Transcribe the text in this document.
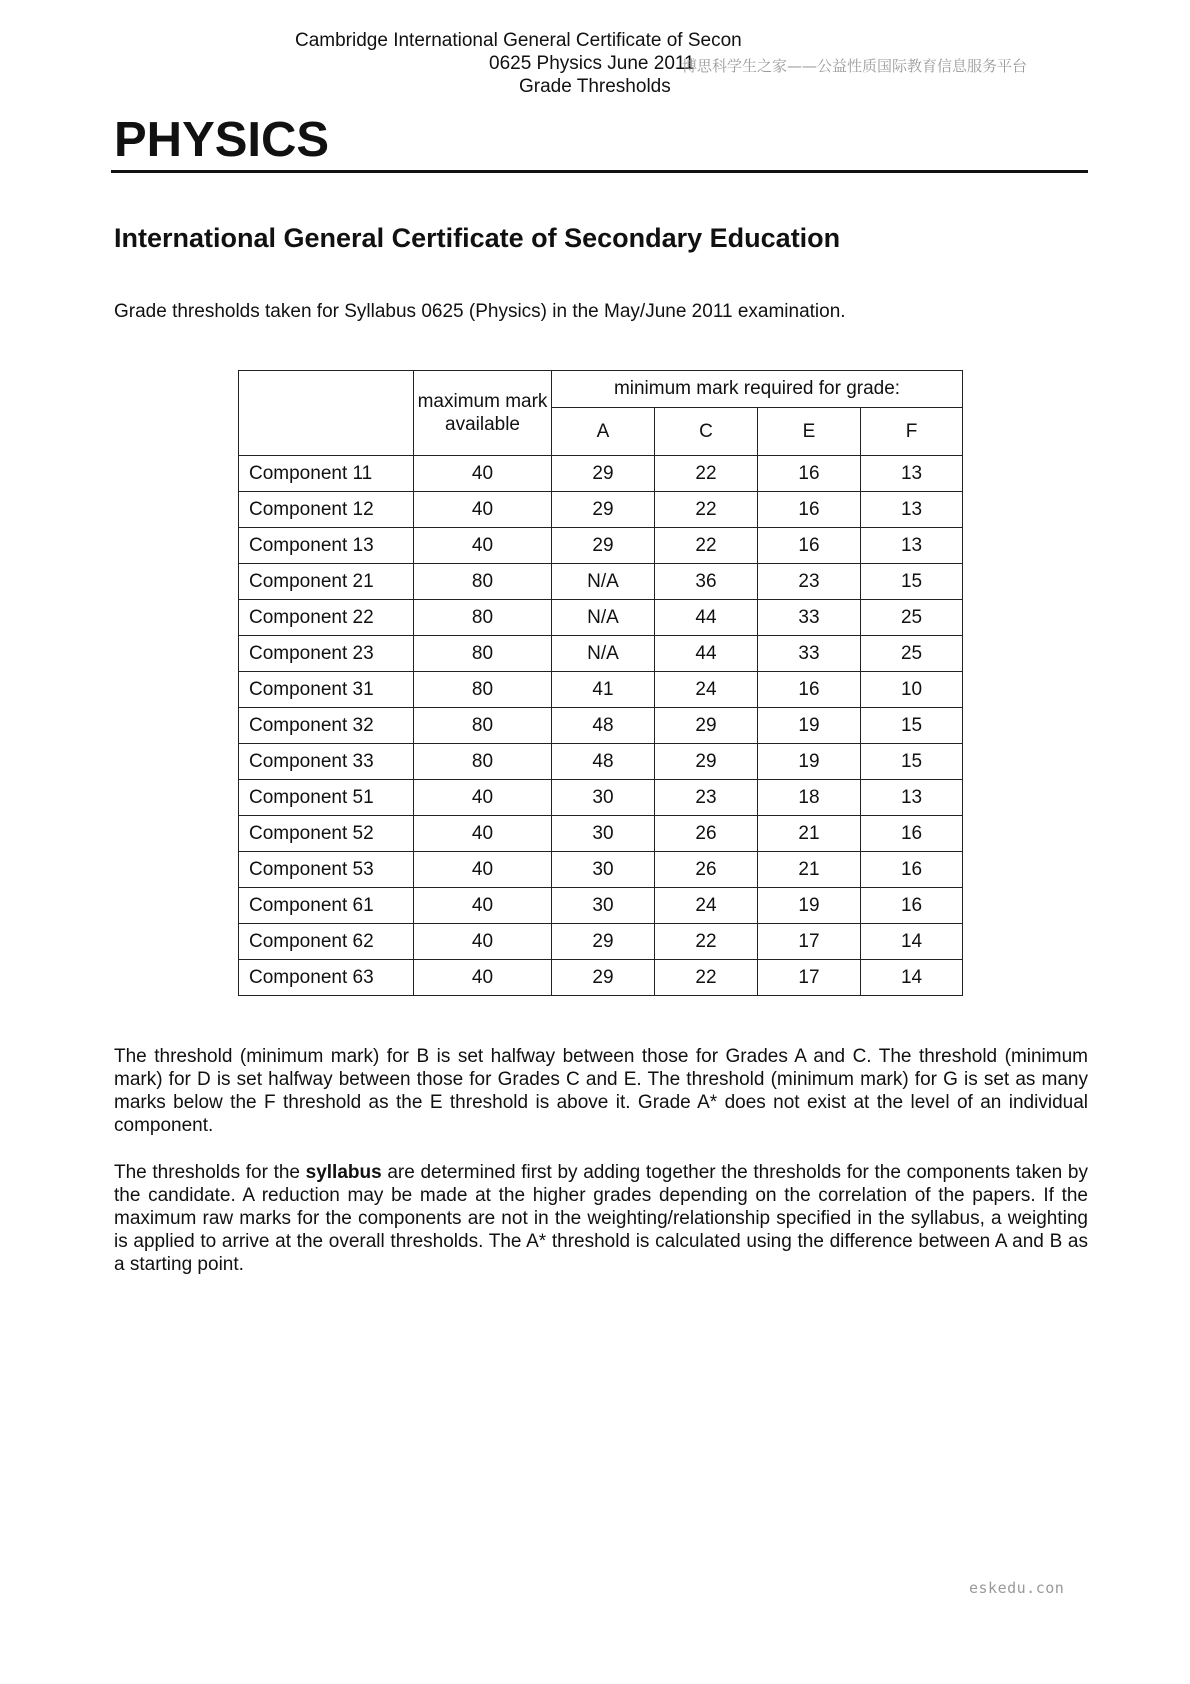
Cambridge International General Certificate of Secon
0625 Physics June 2011
Grade Thresholds
博思科学生之家——公益性质国际教育信息服务平台
PHYSICS
International General Certificate of Secondary Education
Grade thresholds taken for Syllabus 0625 (Physics) in the May/June 2011 examination.
	maximum mark available	minimum mark required for grade:			
		A	C	E	F
Component 11	40	29	22	16	13
Component 12	40	29	22	16	13
Component 13	40	29	22	16	13
Component 21	80	N/A	36	23	15
Component 22	80	N/A	44	33	25
Component 23	80	N/A	44	33	25
Component 31	80	41	24	16	10
Component 32	80	48	29	19	15
Component 33	80	48	29	19	15
Component 51	40	30	23	18	13
Component 52	40	30	26	21	16
Component 53	40	30	26	21	16
Component 61	40	30	24	19	16
Component 62	40	29	22	17	14
Component 63	40	29	22	17	14
The threshold (minimum mark) for B is set halfway between those for Grades A and C. The threshold (minimum mark) for D is set halfway between those for Grades C and E. The threshold (minimum mark) for G is set as many marks below the F threshold as the E threshold is above it. Grade A* does not exist at the level of an individual component.
The thresholds for the syllabus are determined first by adding together the thresholds for the components taken by the candidate. A reduction may be made at the higher grades depending on the correlation of the papers. If the maximum raw marks for the components are not in the weighting/relationship specified in the syllabus, a weighting is applied to arrive at the overall thresholds. The A* threshold is calculated using the difference between A and B as a starting point.
eskedu.con
